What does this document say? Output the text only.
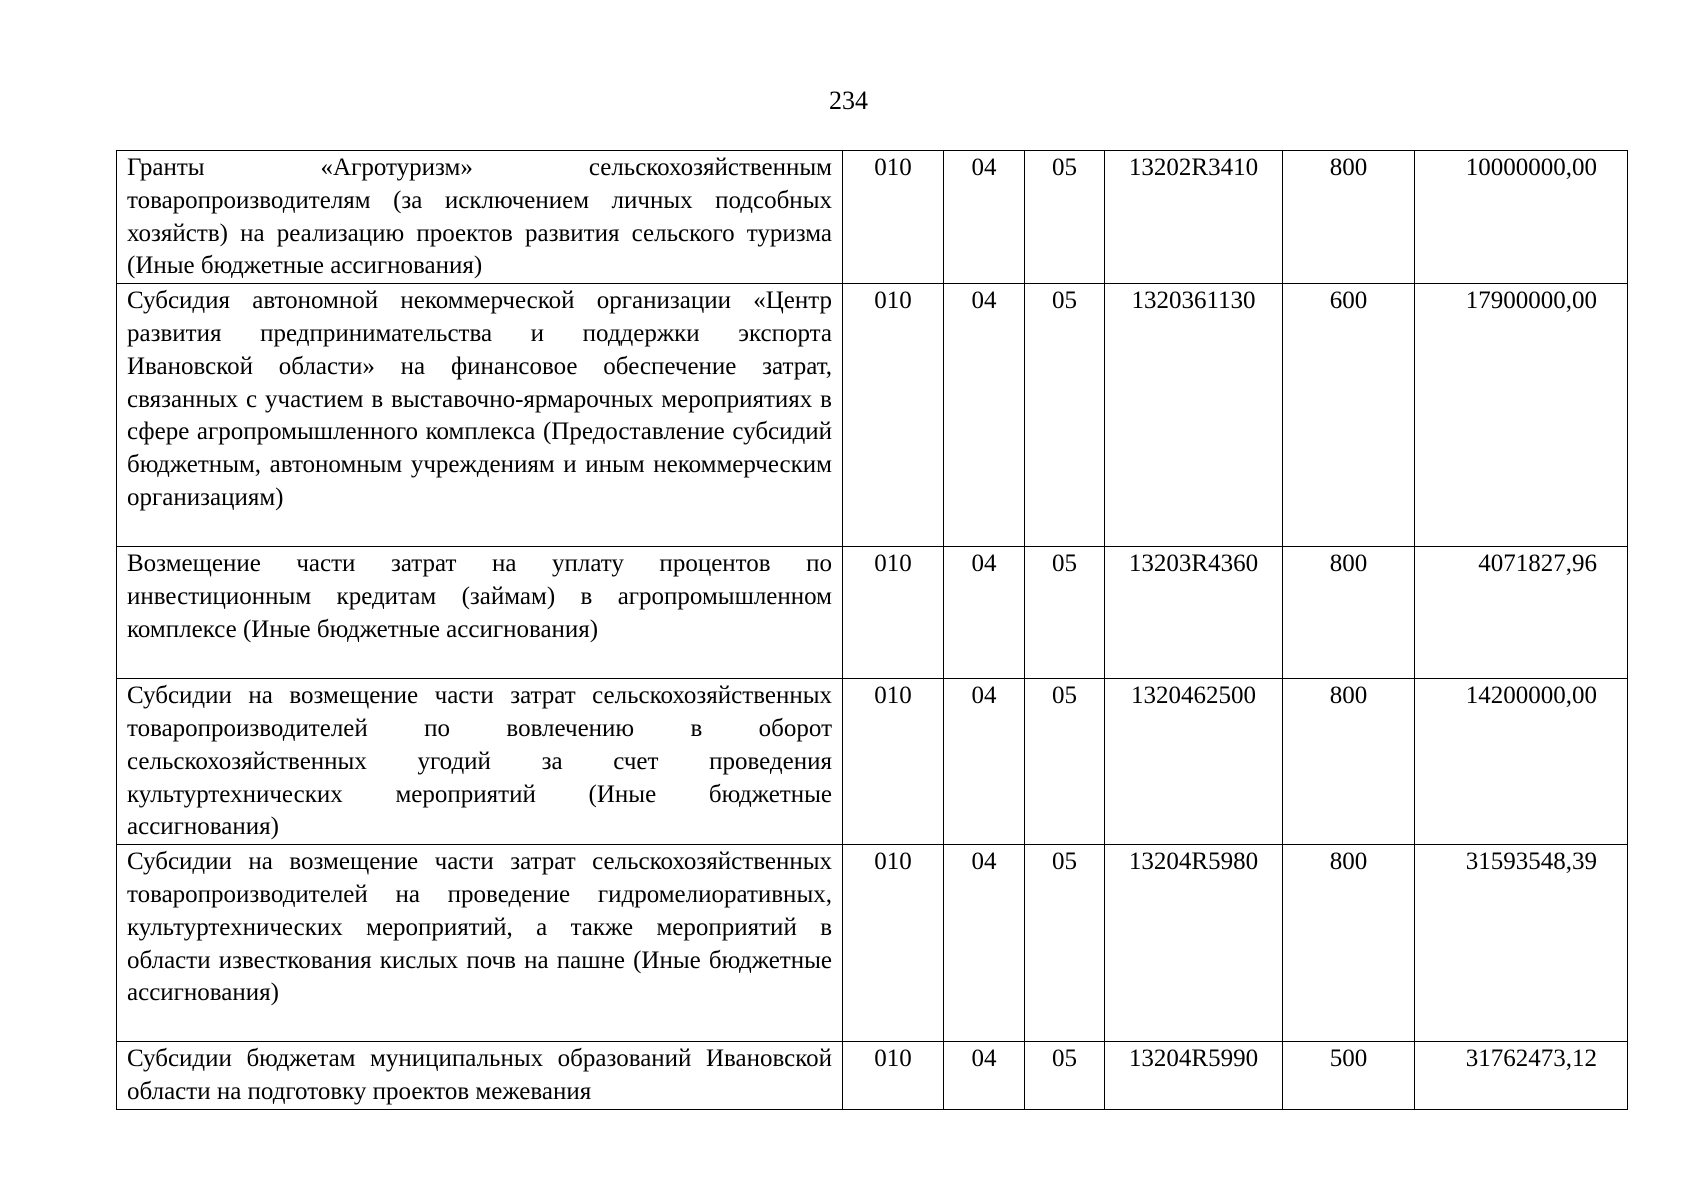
234
Гранты «Агротуризм» сельскохозяйственным товаропроизводителям (за исключением личных подсобных хозяйств) на реализацию проектов развития сельского туризма (Иные бюджетные ассигнования)	010	04	05	13202R3410	800	10000000,00
Субсидия автономной некоммерческой организации «Центр развития предпринимательства и поддержки экспорта Ивановской области» на финансовое обеспечение затрат, связанных с участием в выставочно-ярмарочных мероприятиях в сфере агропромышленного комплекса (Предоставление субсидий бюджетным, автономным учреждениям и иным некоммерческим организациям)	010	04	05	1320361130	600	17900000,00
Возмещение части затрат на уплату процентов по инвестиционным кредитам (займам) в агропромышленном комплексе (Иные бюджетные ассигнования)	010	04	05	13203R4360	800	4071827,96
Субсидии на возмещение части затрат сельскохозяйственных товаропроизводителей по вовлечению в оборот сельскохозяйственных угодий за счет проведения культуртехнических мероприятий (Иные бюджетные ассигнования)	010	04	05	1320462500	800	14200000,00
Субсидии на возмещение части затрат сельскохозяйственных товаропроизводителей на проведение гидромелиоративных, культуртехнических мероприятий, а также мероприятий в области известкования кислых почв на пашне (Иные бюджетные ассигнования)	010	04	05	13204R5980	800	31593548,39
Субсидии бюджетам муниципальных образований Ивановской области на подготовку проектов межевания	010	04	05	13204R5990	500	31762473,12
